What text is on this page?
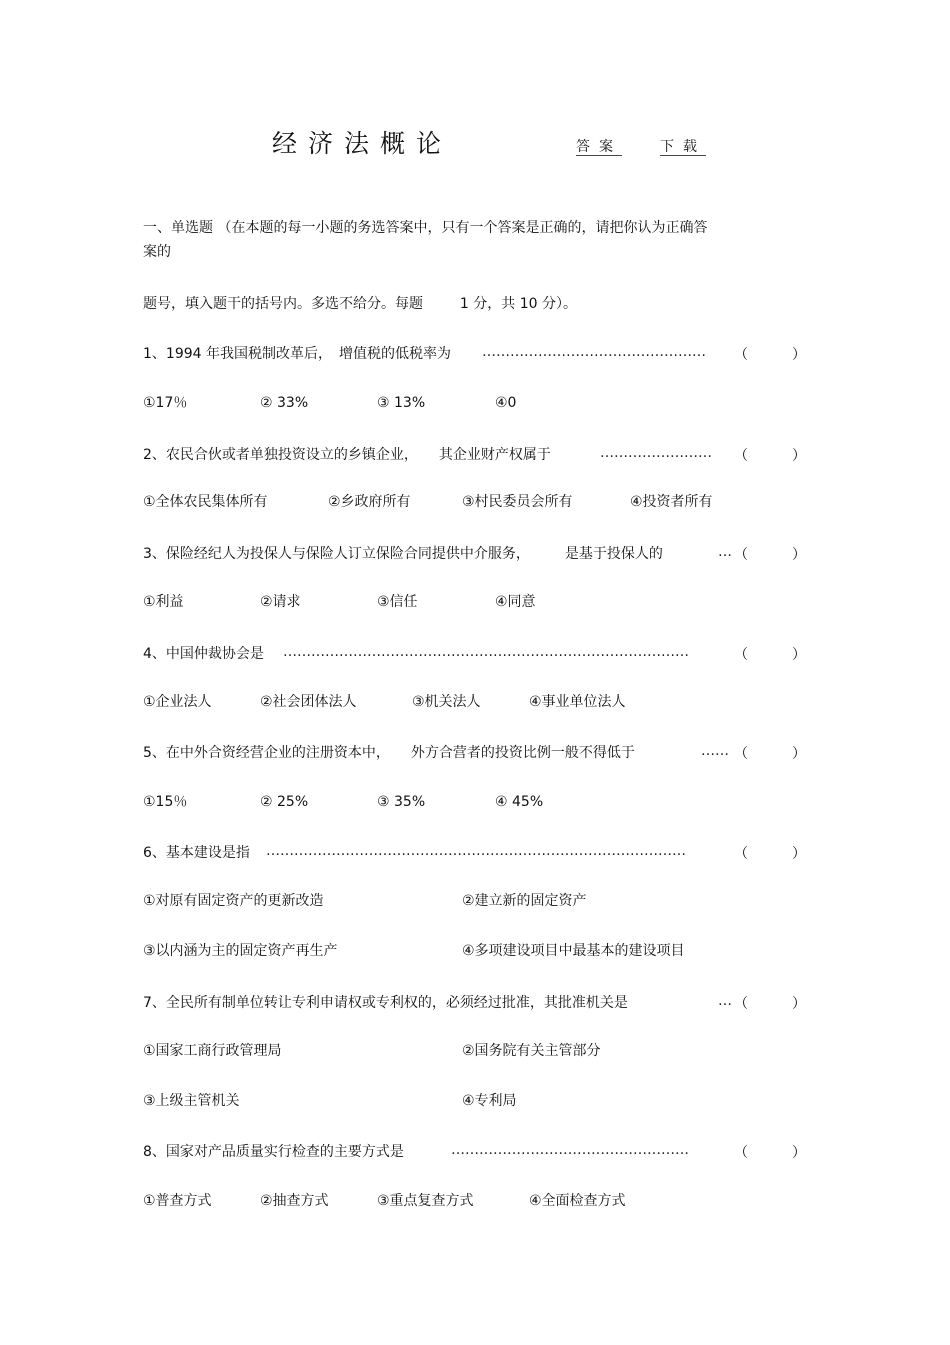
经济法概论	答案	下载
一、单选题 （在本题的每一小题的务选答案中，只有一个答案是正确的，请把你认为正确答
案的
题号，填入题干的括号内。多选不给分。每题 　　 1 分，共 10 分）。
1、1994 年我国税制改革后，　增值税的低税率为 ………………………………………… （	）
①17％	② 33%	③ 13%	④0
2、农民合伙或者单独投资设立的乡镇企业，　　其企业财产权属于	…………………… （	）
①全体农民集体所有	②乡政府所有	③村民委员会所有	④投资者所有
3、保险经纪人为投保人与保险人订立保险合同提供中介服务，　　　是基于投保人的	… （	）
①利益	②请求	③信任	④同意
4、中国仲裁协会是 ……………………………………………………………………………	（	）
①企业法人	②社会团体法人	③机关法人	④事业单位法人
5、在中外合资经营企业的注册资本中，　　外方合营者的投资比例一般不得低于	…… （	）
①15％	② 25%	③ 35%	④ 45%
6、基本建设是指 ………………………………………………………………………………	（	）
①对原有固定资产的更新改造	②建立新的固定资产
③以内涵为主的固定资产再生产	④多项建设项目中最基本的建设项目
7、全民所有制单位转让专利申请权或专利权的，必须经过批准，其批准机关是	… （	）
①国家工商行政管理局	②国务院有关主管部分
③上级主管机关	④专利局
8、国家对产品质量实行检查的主要方式是	……………………………………………	（	）
①普查方式	②抽查方式	③重点复查方式	④全面检查方式
